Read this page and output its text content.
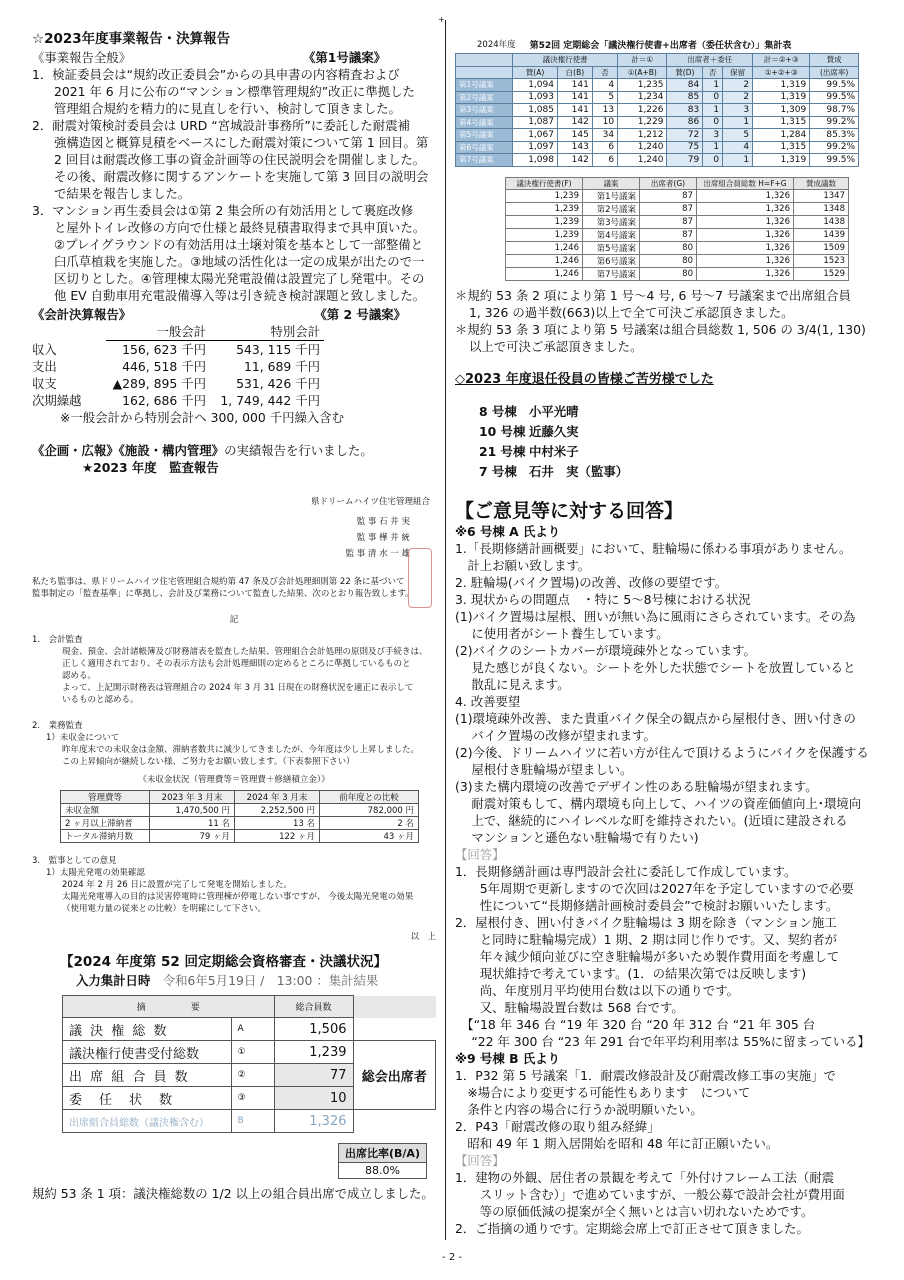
+

☆2023年度事業報告・決算報告

《事業報告全般》	《第1号議案》

1．検証委員会は“規約改正委員会”からの具申書の内容精査および

2021 年 6 月に公布の“マンション標準管理規約”改正に準拠した

管理組合規約を精力的に見直しを行い、検討して頂きました。

2．耐震対策検討委員会は URD “宮城設計事務所”に委託した耐震補

強構造図と概算見積をベースにした耐震対策について第 1 回目。第

2 回目は耐震改修工事の資金計画等の住民説明会を開催しました。

その後、耐震改修に関するアンケートを実施して第 3 回目の説明会

で結果を報告しました。

3．マンション再生委員会は①第 2 集会所の有効活用として裏庭改修

と屋外トイレ改修の方向で仕様と最終見積書取得まで具申頂いた。

②プレイグラウンドの有効活用は土壌対策を基本として一部整備と

臼爪草植栽を実施した。③地域の活性化は一定の成果が出たので一

区切りとした。④管理棟太陽光発電設備は設置完了し発電中。その

他 EV 自動車用充電設備導入等は引き続き検討課題と致しました。

《会計決算報告》	《第 2 号議案》
	一般会計	特別会計
収入	156, 623 千円	543, 115 千円
支出	446, 518 千円	11, 689 千円
収支	▲289, 895 千円	531, 426 千円
次期繰越	162, 686 千円	1, 749, 442 千円

※一般会計から特別会計へ 300, 000 千円繰入含む

《企画・広報》《施設・構内管理》の実績報告を行いました。

★2023 年度　監査報告

県ドリームハイツ住宅管理組合

監 事 石 井 実

監 事 樺 井 統

監 事 清 水 一 雄

私たち監事は、県ドリームハイツ住宅管理組合規約第 47 条及び会計処理細則第 22 条に基づいて

監事制定の「監査基準」に準拠し、会計及び業務について監査した結果、次のとおり報告致します。

記

1.　会計監査

現金、預金、会計諸帳簿及び財務諸表を監査した結果、管理組合会計処理の原則及び手続きは、

正しく適用されており、その表示方法も会計処理細則の定めるところに準拠しているものと

認める。

よって、上記開示財務表は管理組合の 2024 年 3 月 31 日現在の財務状況を適正に表示して

いるものと認める。

2.　業務監査

1）未収金について

昨年度末での未収金は金額、滞納者数共に減少してきましたが、今年度は少し上昇しました。

この上昇傾向が継続しない様、ご努力をお願い致します。（下表参照下さい）

《未収金状況（管理費等＝管理費＋修繕積立金）》

管理費等	2023 年 3 月末	2024 年 3 月末	前年度との比較
未収金額	1,470,500 円	2,252,500 円	782,000 円
2 ヶ月以上滞納者	11 名	13 名	2 名
トータル滞納月数	79 ヶ月	122 ヶ月	43 ヶ月

3.　監事としての意見

1）太陽光発電の効果確認

2024 年 2 月 26 日に設置が完了して発電を開始しました。

太陽光発電導入の目的は災害停電時に管理棟が停電しない事ですが、 今後太陽光発電の効果

（使用電力量の従来との比較）を明確にして下さい。

以　上

【2024 年度第 52 回定期総会資格審査・決議状況】

入力集計日時　 令和6年5月19日 /　13:00 ：集計結果

摘　　　　　要		総合員数	
議 決 権 総 数	A	1,506	
議決権行使書受付総数	①	1,239	総会出席者
出 席 組 合 員 数	②	77	
委　任　状　数	③	10	
出席組合員総数（議決権含む）	B	1,326	
出席比率(B/A)
88.0%

規約 53 条 1 項：議決権総数の 1/2 以上の組合員出席で成立しました。

2024年度 第52回 定期総会「議決権行使書+出席者（委任状含む）」集計表
	議決権行使書			計＝①	出席者＋委任			計＝②+③	賛成
	賛(A)	白(B)	否	①(A+B)	賛(D)	否	保留	①+②+③	(出席率)
第1号議案	1,094	141	4	1,235	84	1	2	1,319	99.5%
第2号議案	1,093	141	5	1,234	85	0	2	1,319	99.5%
第3号議案	1,085	141	13	1,226	83	1	3	1,309	98.7%
第4号議案	1,087	142	10	1,229	86	0	1	1,315	99.2%
第5号議案	1,067	145	34	1,212	72	3	5	1,284	85.3%
第6号議案	1,097	143	6	1,240	75	1	4	1,315	99.2%
第7号議案	1,098	142	6	1,240	79	0	1	1,319	99.5%
議決権行使書(F)	議案	出席者(G)	出席組合員総数 H=F+G	賛成議数
1,239	第1号議案	87	1,326	1347
1,239	第2号議案	87	1,326	1348
1,239	第3号議案	87	1,326	1438
1,239	第4号議案	87	1,326	1439
1,246	第5号議案	80	1,326	1509
1,246	第6号議案	80	1,326	1523
1,246	第7号議案	80	1,326	1529

＊規約 53 条 2 項により第 1 号～4 号, 6 号～7 号議案まで出席組合員

1, 326 の過半数(663)以上で全て可決ご承認頂きました。

＊規約 53 条 3 項により第 5 号議案は組合員総数 1, 506 の 3/4(1, 130)

以上で可決ご承認頂きました。

◇2023 年度退任役員の皆様ご苦労様でした

8 号棟 小平光晴

10 号棟 近藤久実

21 号棟 中村米子

7 号棟 石井　実（監事）

【ご意見等に対する回答】

※6 号棟 A 氏より

1.「長期修繕計画概要」において、駐輪場に係わる事項がありません。

　計上お願い致します。

2. 駐輪場(バイク置場)の改善、改修の要望です。

3. 現状からの問題点　・特に 5～8号棟における状況

(1)バイク置場は屋根、囲いが無い為に風雨にさらされています。その為

　 に使用者がシート養生しています。

(2)バイクのシートカバーが環境疎外となっています。

　 見た感じが良くない。シートを外した状態でシートを放置していると

　 散乱に見えます。

4. 改善要望

(1)環境疎外改善、また貴重バイク保全の観点から屋根付き、囲い付きの

　 バイク置場の改修が望まれます。

(2)今後、ドリームハイツに若い方が住んで頂けるようにバイクを保護する

　 屋根付き駐輪場が望ましい。

(3)また構内環境の改善でデザイン性のある駐輪場が望まれます。

　 耐震対策もして、構内環境も向上して、ハイツの資産価値向上･環境向

　 上で、継続的にハイレベルな町を維持されたい。(近頃に建設される

　 マンションと遜色ない駐輪場で有りたい)

【回答】

1．長期修繕計画は専門設計会社に委託して作成しています。

　　5年周期で更新しますので次回は2027年を予定していますので必要

　　性について“長期修繕計画検討委員会”で検討お願いいたします。

2．屋根付き、囲い付きバイク駐輪場は 3 期を除き（マンション施工

　　と同時に駐輪場完成）1 期、2 期は同じ作りです。又、契約者が

　　年々減少傾向並びに空き駐輪場が多いため製作費用面を考慮して

　　現状維持で考えています。(1．の結果次第では反映します)

　　尚、年度別月平均使用台数は以下の通りです。

　　又、駐輪場設置台数は 568 台です。

　【“18 年 346 台 “19 年 320 台 “20 年 312 台 “21 年 305 台

　 “22 年 300 台 “23 年 291 台で年平均利用率は 55%に留まっている】

※9 号棟 B 氏より

1．P32 第 5 号議案「1．耐震改修設計及び耐震改修工事の実施」で

　※場合により変更する可能性もあります　について

　条件と内容の場合に行うか説明願いたい。

2．P43「耐震改修の取り組み経緯」

　昭和 49 年 1 期入居開始を昭和 48 年に訂正願いたい。

【回答】

1．建物の外観、居住者の景観を考えて「外付けフレーム工法（耐震

　　スリット含む）」で進めていますが、一般公募で設計会社が費用面

　　等の原価低減の提案が全く無いとは言い切れないためです。

2．ご指摘の通りです。定期総会席上で訂正させて頂きました。

- 2 -
